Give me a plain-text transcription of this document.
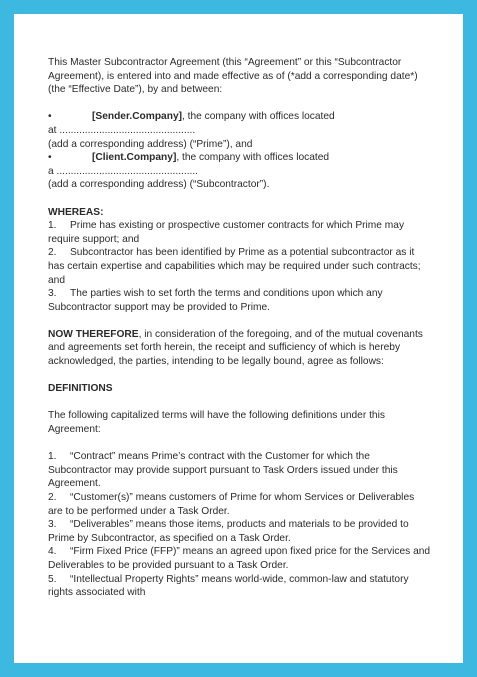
This Master Subcontractor Agreement (this “Agreement” or this “Subcontractor Agreement), is entered into and made effective as of (*add a corresponding date*) (the “Effective Date”), by and between:

•	[Sender.Company], the company with offices located

at ................................................

(add a corresponding address) (“Prime”), and

•	[Client.Company], the company with offices located

a ..................................................

(add a corresponding address) (“Subcontractor”).

WHEREAS:

1. Prime has existing or prospective customer contracts for which Prime may require support; and

2. Subcontractor has been identified by Prime as a potential subcontractor as it has certain expertise and capabilities which may be required under such contracts; and

3. The parties wish to set forth the terms and conditions upon which any Subcontractor support may be provided to Prime.

NOW THEREFORE, in consideration of the foregoing, and of the mutual covenants and agreements set forth herein, the receipt and sufficiency of which is hereby acknowledged, the parties, intending to be legally bound, agree as follows:

DEFINITIONS

The following capitalized terms will have the following definitions under this Agreement:

1. “Contract” means Prime’s contract with the Customer for which the Subcontractor may provide support pursuant to Task Orders issued under this Agreement.

2. “Customer(s)” means customers of Prime for whom Services or Deliverables are to be performed under a Task Order.

3. “Deliverables” means those items, products and materials to be provided to Prime by Subcontractor, as specified on a Task Order.

4. “Firm Fixed Price (FFP)” means an agreed upon fixed price for the Services and Deliverables to be provided pursuant to a Task Order.

5. “Intellectual Property Rights” means world-wide, common-law and statutory rights associated with
